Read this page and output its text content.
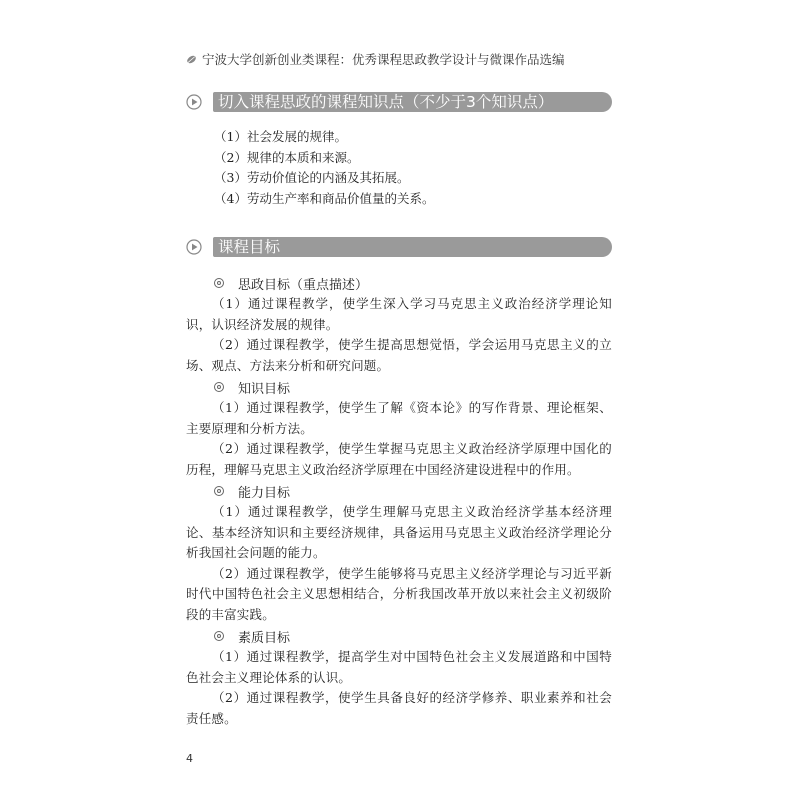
宁波大学创新创业类课程：优秀课程思政教学设计与微课作品选编
切入课程思政的课程知识点（不少于3个知识点）
（1）社会发展的规律。
（2）规律的本质和来源。
（3）劳动价值论的内涵及其拓展。
（4）劳动生产率和商品价值量的关系。
课程目标
思政目标（重点描述）

（1）通过课程教学，使学生深入学习马克思主义政治经济学理论知识，认识经济发展的规律。

（2）通过课程教学，使学生提高思想觉悟，学会运用马克思主义的立场、观点、方法来分析和研究问题。

知识目标

（1）通过课程教学，使学生了解《资本论》的写作背景、理论框架、主要原理和分析方法。

（2）通过课程教学，使学生掌握马克思主义政治经济学原理中国化的历程，理解马克思主义政治经济学原理在中国经济建设进程中的作用。

能力目标

（1）通过课程教学，使学生理解马克思主义政治经济学基本经济理论、基本经济知识和主要经济规律，具备运用马克思主义政治经济学理论分析我国社会问题的能力。

（2）通过课程教学，使学生能够将马克思主义经济学理论与习近平新时代中国特色社会主义思想相结合，分析我国改革开放以来社会主义初级阶段的丰富实践。

素质目标

（1）通过课程教学，提高学生对中国特色社会主义发展道路和中国特色社会主义理论体系的认识。

（2）通过课程教学，使学生具备良好的经济学修养、职业素养和社会责任感。

4
